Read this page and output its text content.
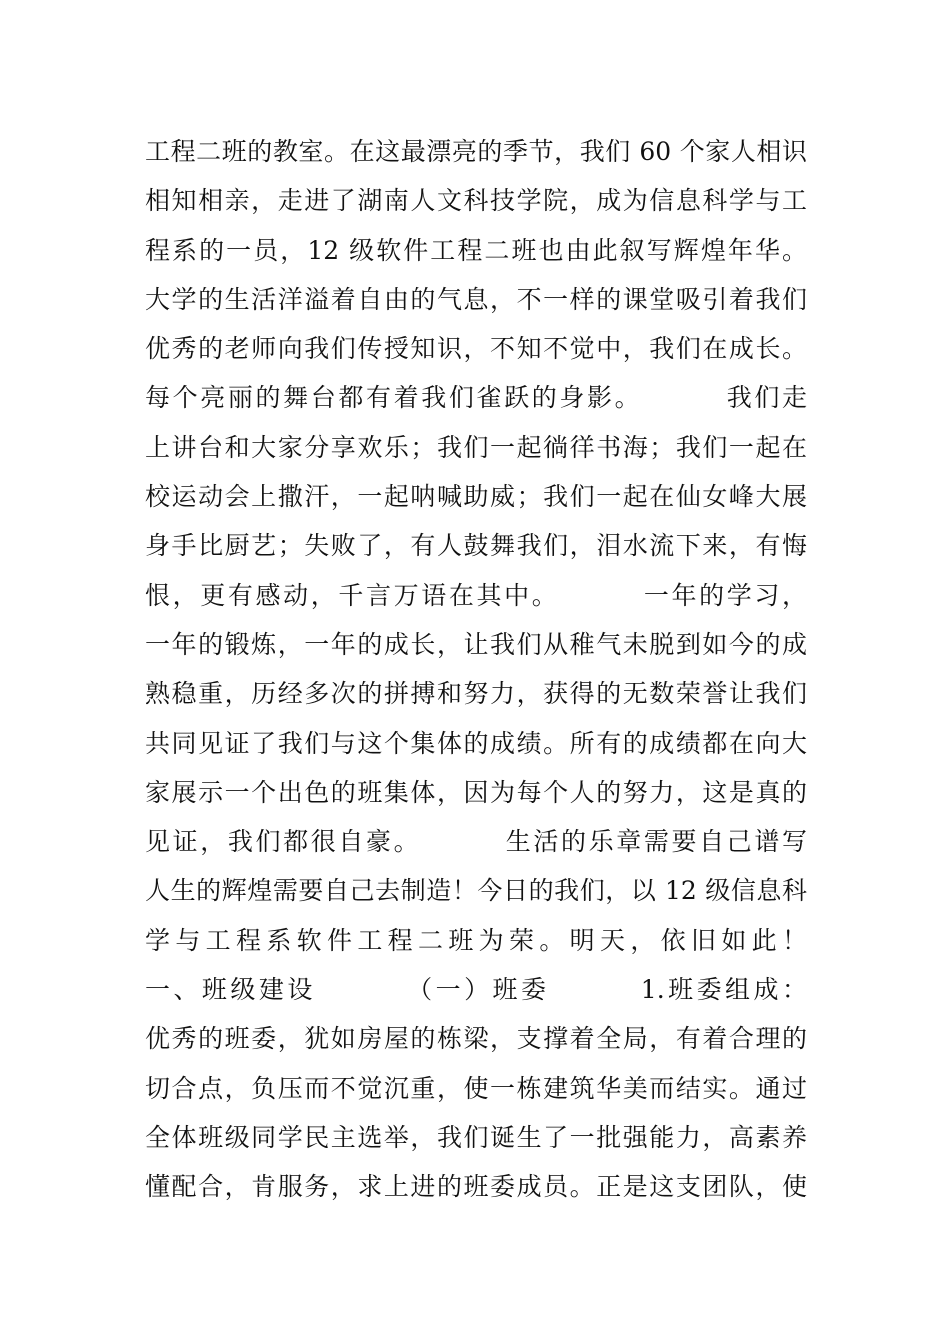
工程二班的教室。在这最漂亮的季节，我们 60 个家人相识
相知相亲，走进了湖南人文科技学院，成为信息科学与工
程系的一员，12 级软件工程二班也由此叙写辉煌年华。
大学的生活洋溢着自由的气息，不一样的课堂吸引着我们
优秀的老师向我们传授知识，不知不觉中，我们在成长。
每个亮丽的舞台都有着我们雀跃的身影。        我们走
上讲台和大家分享欢乐；我们一起徜徉书海；我们一起在
校运动会上撒汗，一起呐喊助威；我们一起在仙女峰大展
身手比厨艺；失败了，有人鼓舞我们，泪水流下来，有悔
恨，更有感动，千言万语在其中。        一年的学习，
一年的锻炼，一年的成长，让我们从稚气未脱到如今的成
熟稳重，历经多次的拼搏和努力，获得的无数荣誉让我们
共同见证了我们与这个集体的成绩。所有的成绩都在向大
家展示一个出色的班集体，因为每个人的努力，这是真的
见证，我们都很自豪。        生活的乐章需要自己谱写
人生的辉煌需要自己去制造！今日的我们，以 12 级信息科
学与工程系软件工程二班为荣。明天，依旧如此！
一、班级建设        （一）班委        1.班委组成：
优秀的班委，犹如房屋的栋梁，支撑着全局，有着合理的
切合点，负压而不觉沉重，使一栋建筑华美而结实。通过
全体班级同学民主选举，我们诞生了一批强能力，高素养
懂配合，肯服务，求上进的班委成员。正是这支团队，使
